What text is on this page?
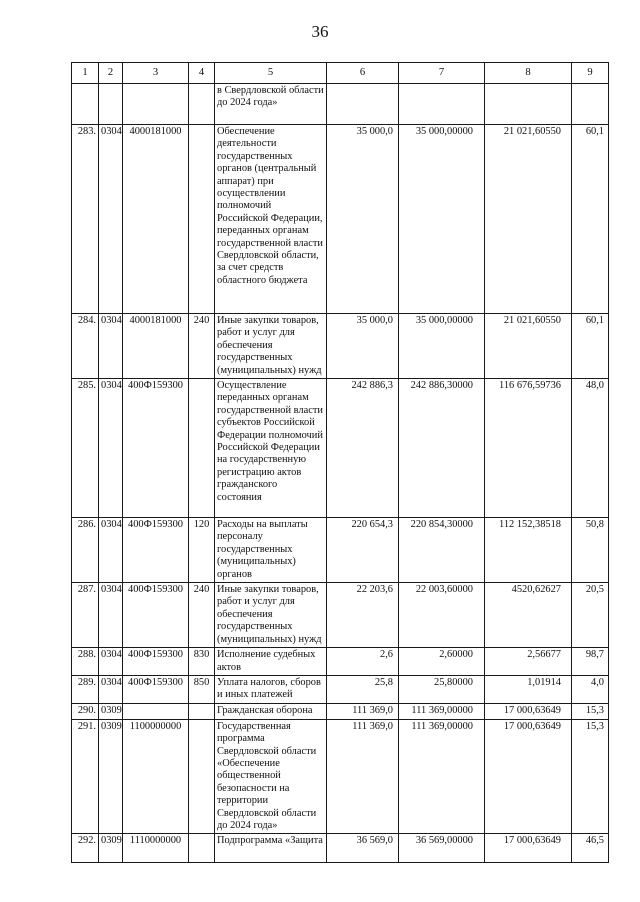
36
1	2	3	4	5	6	7	8	9
				в Свердловской области до 2024 года»				
283.	0304	4000181000		Обеспечение деятельности государственных органов (центральный аппарат) при осуществлении полномочий Российской Федерации, переданных органам государственной власти Свердловской области, за счет средств областного бюджета	35 000,0	35 000,00000	21 021,60550	60,1
284.	0304	4000181000	240	Иные закупки товаров, работ и услуг для обеспечения государственных (муниципальных) нужд	35 000,0	35 000,00000	21 021,60550	60,1
285.	0304	400Ф159300		Осуществление переданных органам государственной власти субъектов Российской Федерации полномочий Российской Федерации на государственную регистрацию актов гражданского состояния	242 886,3	242 886,30000	116 676,59736	48,0
286.	0304	400Ф159300	120	Расходы на выплаты персоналу государственных (муниципальных) органов	220 654,3	220 854,30000	112 152,38518	50,8
287.	0304	400Ф159300	240	Иные закупки товаров, работ и услуг для обеспечения государственных (муниципальных) нужд	22 203,6	22 003,60000	4520,62627	20,5
288.	0304	400Ф159300	830	Исполнение судебных актов	2,6	2,60000	2,56677	98,7
289.	0304	400Ф159300	850	Уплата налогов, сборов и иных платежей	25,8	25,80000	1,01914	4,0
290.	0309			Гражданская оборона	111 369,0	111 369,00000	17 000,63649	15,3
291.	0309	1100000000		Государственная программа Свердловской области «Обеспечение общественной безопасности на территории Свердловской области до 2024 года»	111 369,0	111 369,00000	17 000,63649	15,3
292.	0309	1110000000		Подпрограмма «Защита	36 569,0	36 569,00000	17 000,63649	46,5
